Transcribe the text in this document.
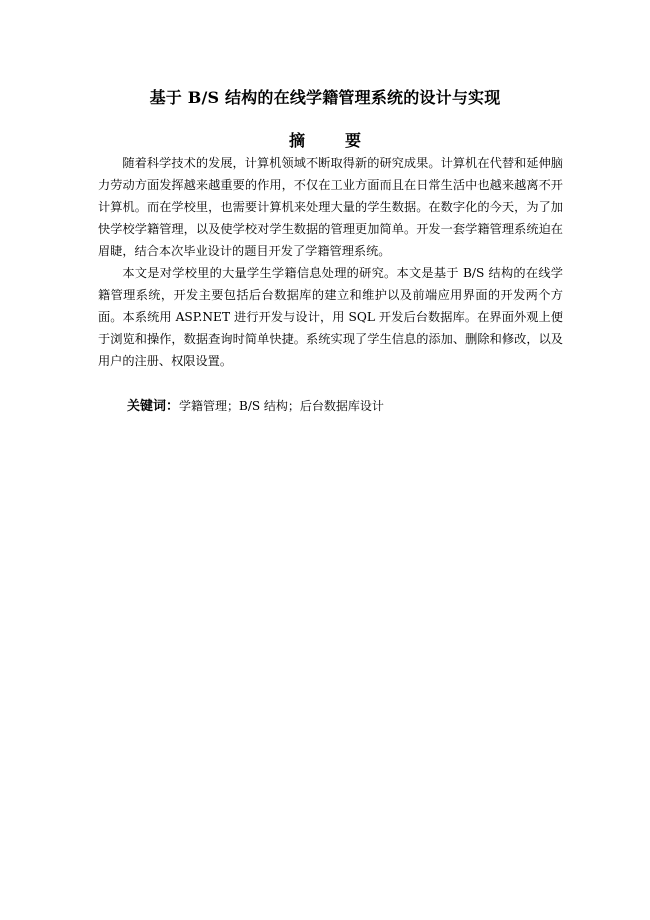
基于 B/S 结构的在线学籍管理系统的设计与实现
摘	要

随着科学技术的发展，计算机领域不断取得新的研究成果。计算机在代替和延伸脑力劳动方面发挥越来越重要的作用，不仅在工业方面而且在日常生活中也越来越离不开计算机。而在学校里，也需要计算机来处理大量的学生数据。在数字化的今天，为了加快学校学籍管理，以及使学校对学生数据的管理更加简单。开发一套学籍管理系统迫在眉睫，结合本次毕业设计的题目开发了学籍管理系统。

本文是对学校里的大量学生学籍信息处理的研究。本文是基于 B/S 结构的在线学籍管理系统，开发主要包括后台数据库的建立和维护以及前端应用界面的开发两个方面。本系统用 ASP.NET 进行开发与设计，用 SQL 开发后台数据库。在界面外观上便于浏览和操作，数据查询时简单快捷。系统实现了学生信息的添加、删除和修改，以及用户的注册、权限设置。

关键词：学籍管理；B/S 结构；后台数据库设计
